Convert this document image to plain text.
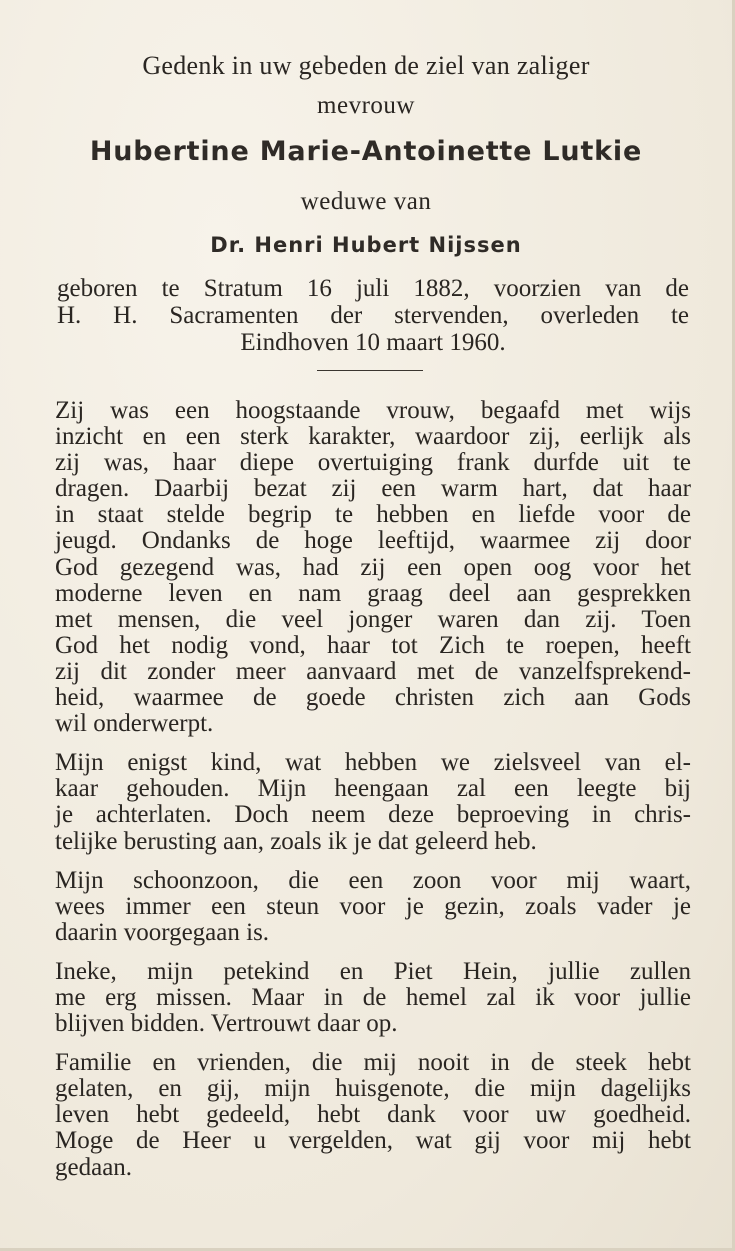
Gedenk in uw gebeden de ziel van zaliger
mevrouw
Hubertine Marie-Antoinette Lutkie
weduwe van
Dr. Henri Hubert Nijssen
geboren te Stratum 16 juli 1882, voorzien van de
H. H. Sacramenten der stervenden, overleden te
Eindhoven 10 maart 1960.

Zij was een hoogstaande vrouw, begaafd met wijs
inzicht en een sterk karakter, waardoor zij, eerlijk als
zij was, haar diepe overtuiging frank durfde uit te
dragen. Daarbij bezat zij een warm hart, dat haar
in staat stelde begrip te hebben en liefde voor de
jeugd. Ondanks de hoge leeftijd, waarmee zij door
God gezegend was, had zij een open oog voor het
moderne leven en nam graag deel aan gesprekken
met mensen, die veel jonger waren dan zij. Toen
God het nodig vond, haar tot Zich te roepen, heeft
zij dit zonder meer aanvaard met de vanzelfsprekend-
heid, waarmee de goede christen zich aan Gods
wil onderwerpt.

Mijn enigst kind, wat hebben we zielsveel van el-
kaar gehouden. Mijn heengaan zal een leegte bij
je achterlaten. Doch neem deze beproeving in chris-
telijke berusting aan, zoals ik je dat geleerd heb.

Mijn schoonzoon, die een zoon voor mij waart,
wees immer een steun voor je gezin, zoals vader je
daarin voorgegaan is.

Ineke, mijn petekind en Piet Hein, jullie zullen
me erg missen. Maar in de hemel zal ik voor jullie
blijven bidden. Vertrouwt daar op.

Familie en vrienden, die mij nooit in de steek hebt
gelaten, en gij, mijn huisgenote, die mijn dagelijks
leven hebt gedeeld, hebt dank voor uw goedheid.
Moge de Heer u vergelden, wat gij voor mij hebt
gedaan.
